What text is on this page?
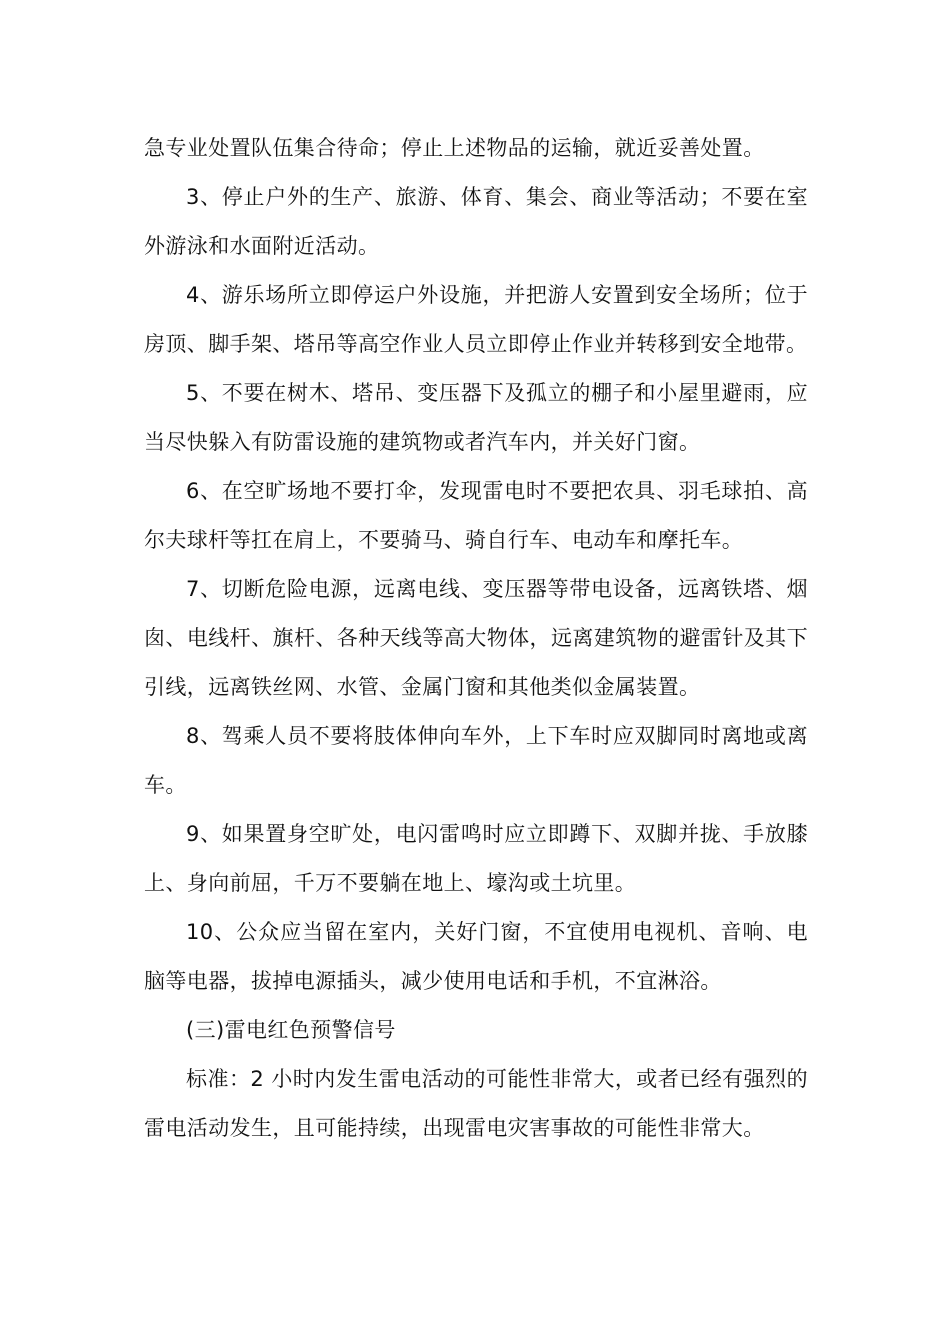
急专业处置队伍集合待命；停止上述物品的运输，就近妥善处置。

3、停止户外的生产、旅游、体育、集会、商业等活动；不要在室外游泳和水面附近活动。

4、游乐场所立即停运户外设施，并把游人安置到安全场所；位于房顶、脚手架、塔吊等高空作业人员立即停止作业并转移到安全地带。

5、不要在树木、塔吊、变压器下及孤立的棚子和小屋里避雨，应当尽快躲入有防雷设施的建筑物或者汽车内，并关好门窗。

6、在空旷场地不要打伞，发现雷电时不要把农具、羽毛球拍、高尔夫球杆等扛在肩上，不要骑马、骑自行车、电动车和摩托车。

7、切断危险电源，远离电线、变压器等带电设备，远离铁塔、烟囱、电线杆、旗杆、各种天线等高大物体，远离建筑物的避雷针及其下引线，远离铁丝网、水管、金属门窗和其他类似金属装置。

8、驾乘人员不要将肢体伸向车外，上下车时应双脚同时离地或离车。

9、如果置身空旷处，电闪雷鸣时应立即蹲下、双脚并拢、手放膝上、身向前屈，千万不要躺在地上、壕沟或土坑里。

10、公众应当留在室内，关好门窗，不宜使用电视机、音响、电脑等电器，拔掉电源插头，减少使用电话和手机，不宜淋浴。

(三)雷电红色预警信号

标准：2 小时内发生雷电活动的可能性非常大，或者已经有强烈的雷电活动发生，且可能持续，出现雷电灾害事故的可能性非常大。
